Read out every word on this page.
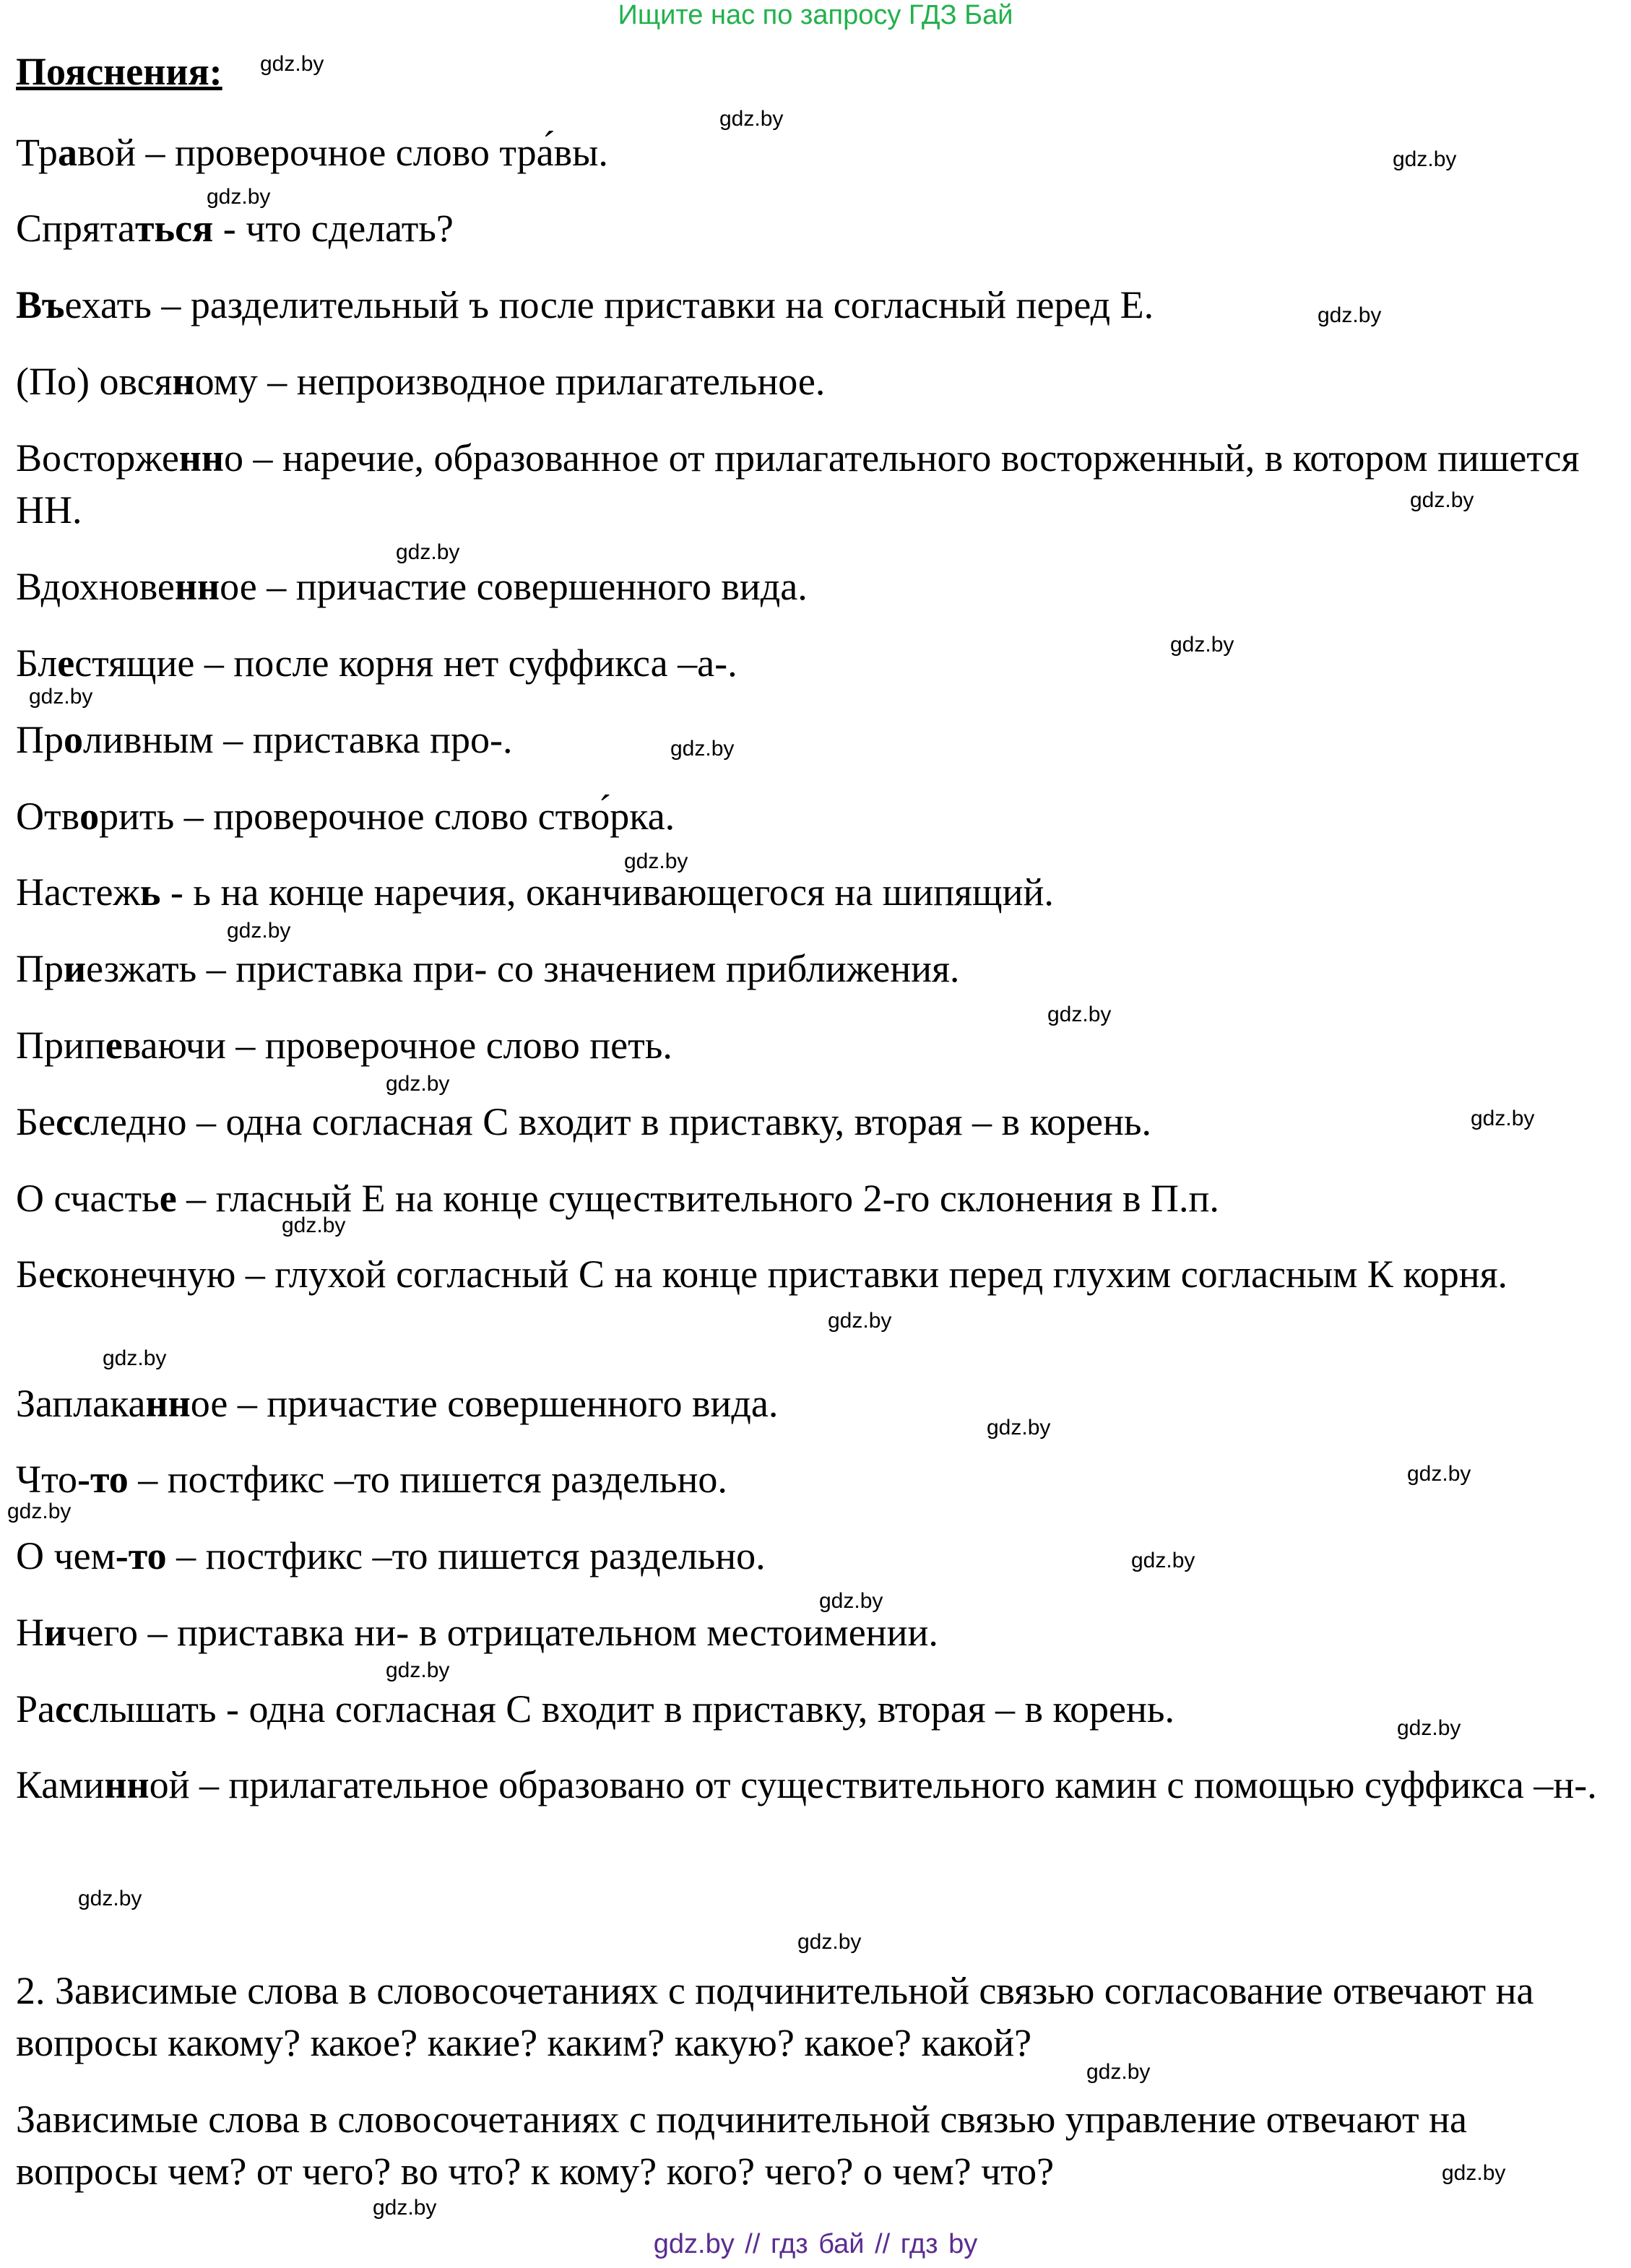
Ищите нас по запросу ГДЗ Бай
Пояснения:
Травой – проверочное слово тра́вы.
Спрятаться - что сделать?
Въехать – разделительный ъ после приставки на согласный перед Е.
(По) овсяному – непроизводное прилагательное.
Восторженно – наречие, образованное от прилагательного восторженный, в котором пишется НН.
Вдохновенное – причастие совершенного вида.
Блестящие – после корня нет суффикса –а-.
Проливным – приставка про-.
Отворить – проверочное слово ство́рка.
Настежь - ь на конце наречия, оканчивающегося на шипящий.
Приезжать – приставка при- со значением приближения.
Припеваючи – проверочное слово петь.
Бесследно – одна согласная С входит в приставку, вторая – в корень.
О счастье – гласный Е на конце существительного 2-го склонения в П.п.
Бесконечную – глухой согласный С на конце приставки перед глухим согласным К корня.
Заплаканное – причастие совершенного вида.
Что-то – постфикс –то пишется раздельно.
О чем-то – постфикс –то пишется раздельно.
Ничего – приставка ни- в отрицательном местоимении.
Расслышать - одна согласная С входит в приставку, вторая – в корень.
Каминной – прилагательное образовано от существительного камин с помощью суффикса –н-.
2. Зависимые слова в словосочетаниях с подчинительной связью согласование отвечают на вопросы какому? какое? какие? каким? какую? какое? какой?
Зависимые слова в словосочетаниях с подчинительной связью управление отвечают на вопросы чем? от чего? во что? к кому? кого? чего? о чем? что?
gdz.by
gdz.by
gdz.by
gdz.by
gdz.by
gdz.by
gdz.by
gdz.by
gdz.by
gdz.by
gdz.by
gdz.by
gdz.by
gdz.by
gdz.by
gdz.by
gdz.by
gdz.by
gdz.by
gdz.by
gdz.by
gdz.by
gdz.by
gdz.by
gdz.by
gdz.by
gdz.by
gdz.by
gdz.by
gdz.by
gdz.by // гдз бай // гдз by
